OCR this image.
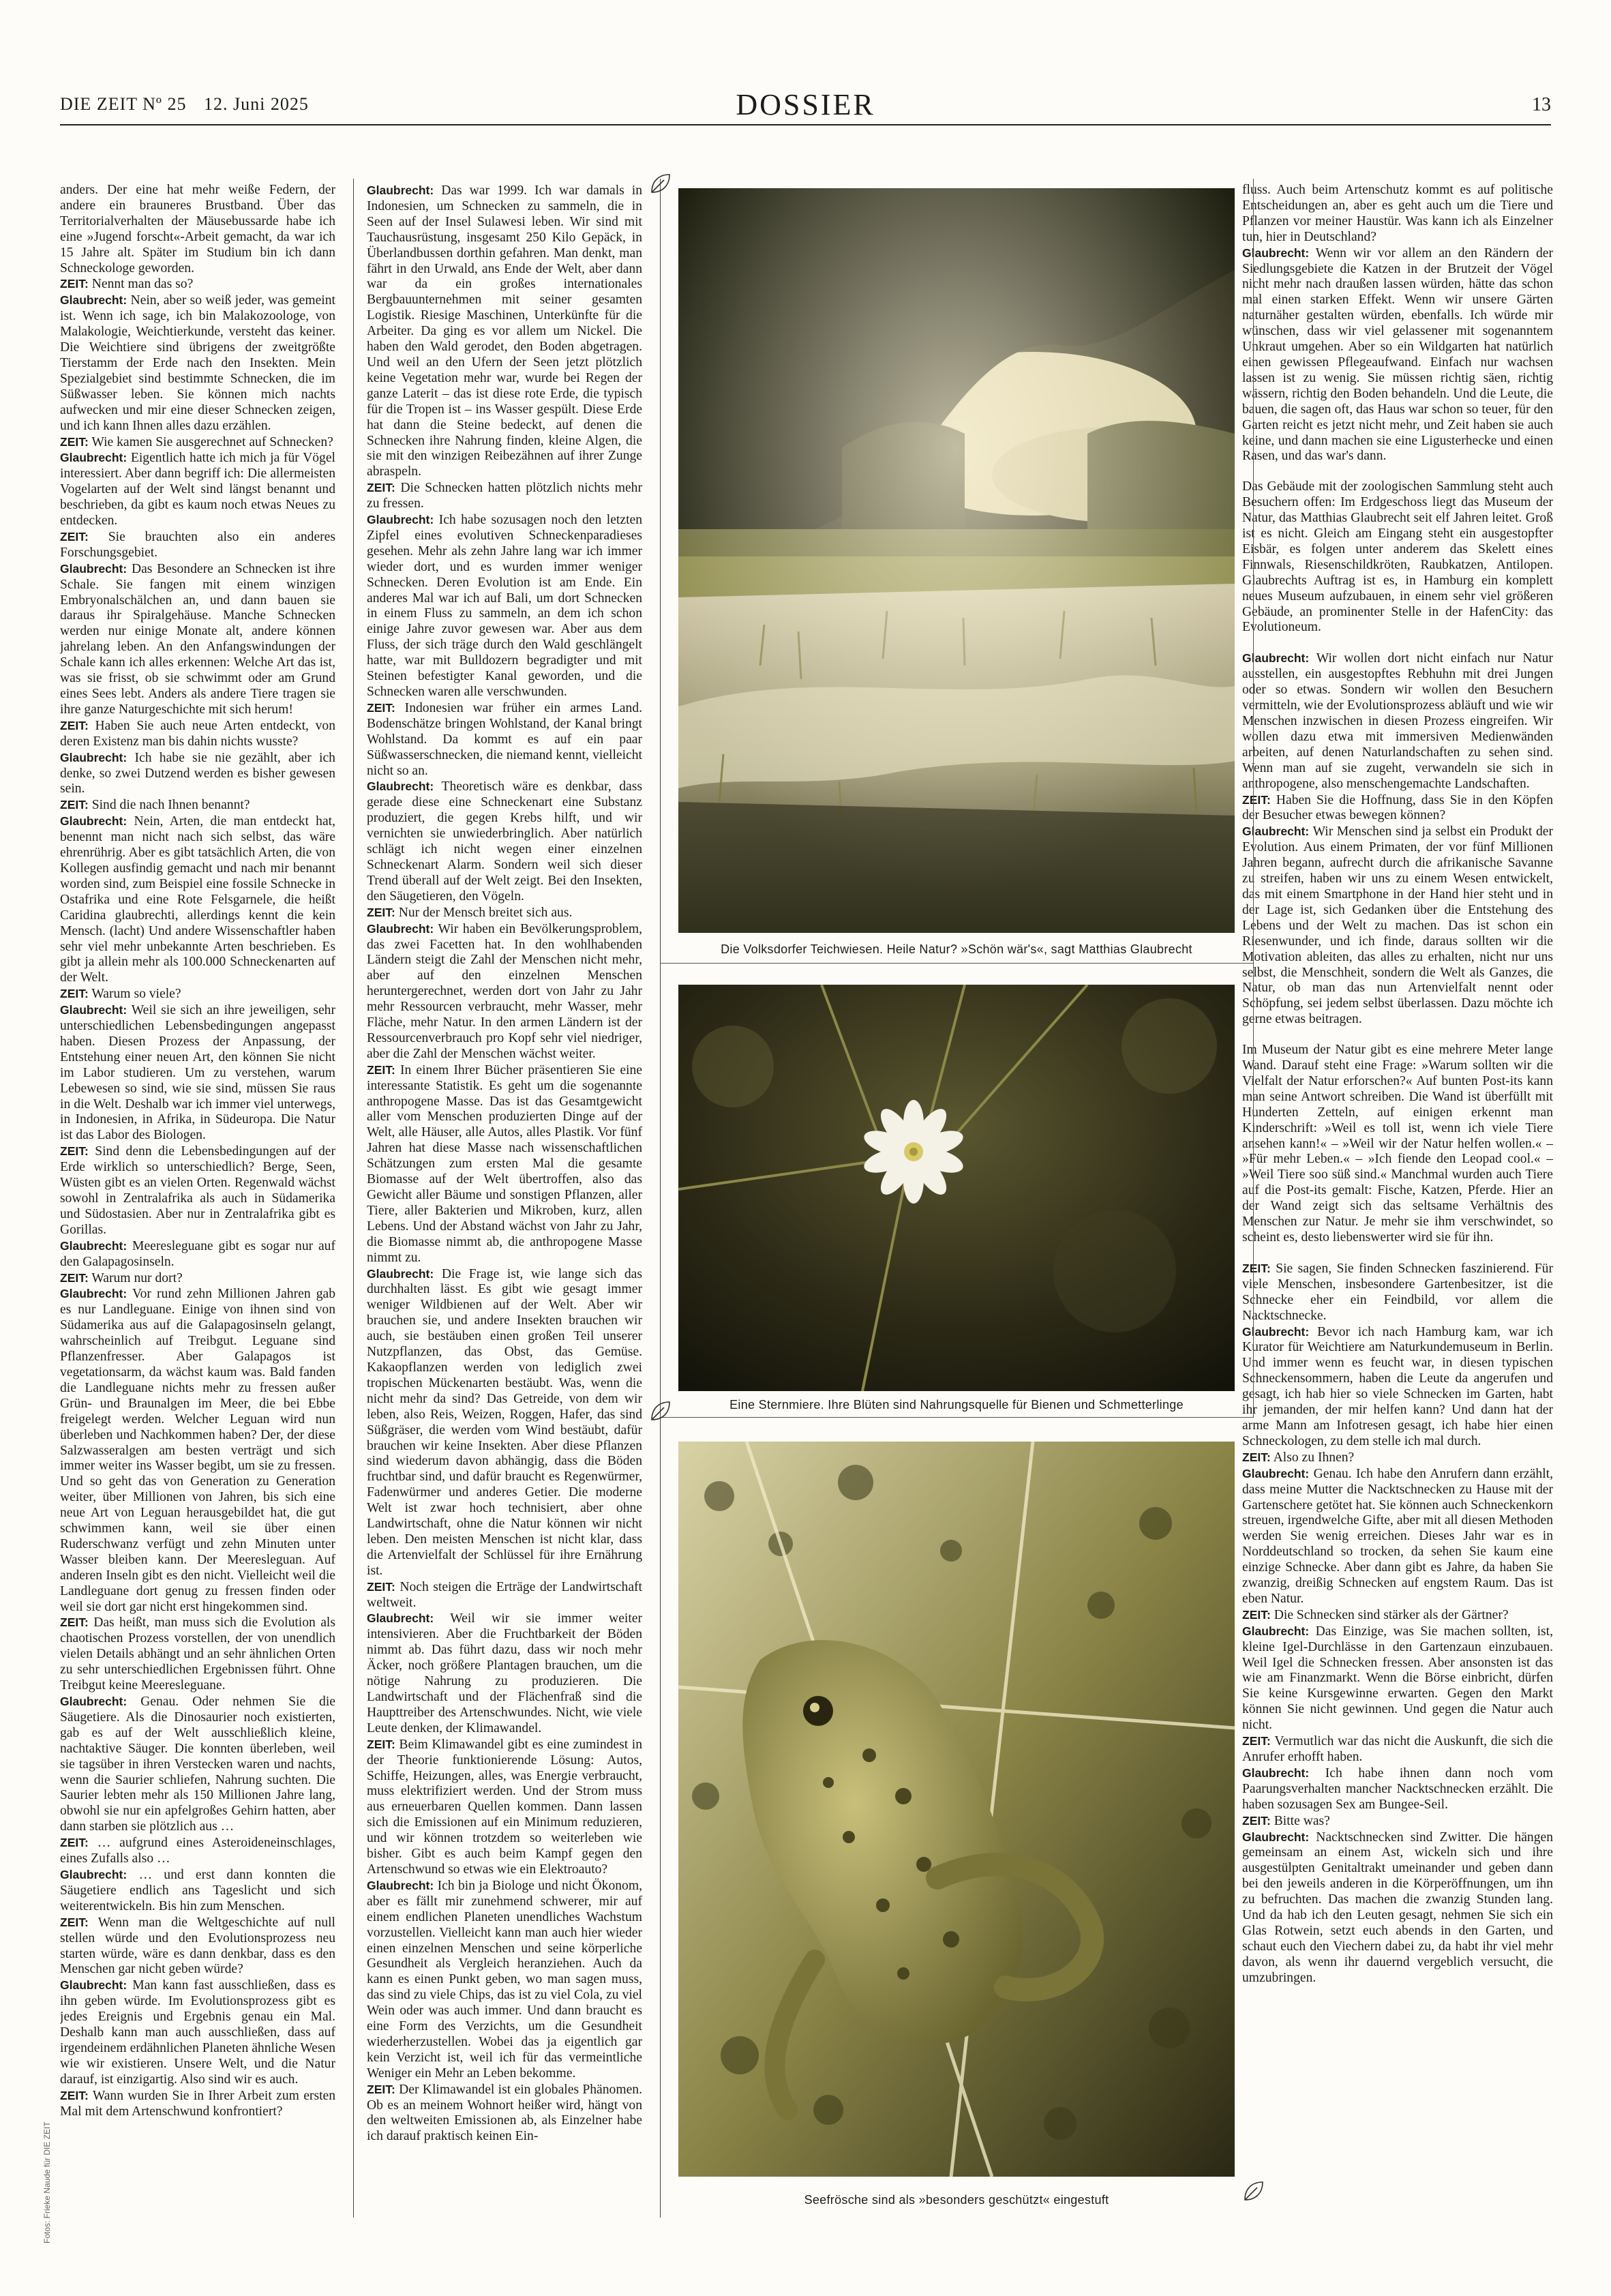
DIE ZEIT Nº 25 12. Juni 2025	DOSSIER	13

anders. Der eine hat mehr weiße Federn, der andere ein brauneres Brustband. Über das Territorialverhalten der Mäusebussarde habe ich eine »Jugend forscht«-Arbeit gemacht, da war ich 15 Jahre alt. Später im Studium bin ich dann Schneckologe geworden.

ZEIT: Nennt man das so?

Glaubrecht: Nein, aber so weiß jeder, was gemeint ist. Wenn ich sage, ich bin Malakozoologe, von Malakologie, Weichtierkunde, versteht das keiner. Die Weichtiere sind übrigens der zweitgrößte Tierstamm der Erde nach den Insekten. Mein Spezialgebiet sind bestimmte Schnecken, die im Süßwasser leben. Sie können mich nachts aufwecken und mir eine dieser Schnecken zeigen, und ich kann Ihnen alles dazu erzählen.

ZEIT: Wie kamen Sie ausgerechnet auf Schnecken?

Glaubrecht: Eigentlich hatte ich mich ja für Vögel interessiert. Aber dann begriff ich: Die allermeisten Vogelarten auf der Welt sind längst benannt und beschrieben, da gibt es kaum noch etwas Neues zu entdecken.

ZEIT: Sie brauchten also ein anderes Forschungsgebiet.

Glaubrecht: Das Besondere an Schnecken ist ihre Schale. Sie fangen mit einem winzigen Embryonalschälchen an, und dann bauen sie daraus ihr Spiralgehäuse. Manche Schnecken werden nur einige Monate alt, andere können jahrelang leben. An den Anfangswindungen der Schale kann ich alles erkennen: Welche Art das ist, was sie frisst, ob sie schwimmt oder am Grund eines Sees lebt. Anders als andere Tiere tragen sie ihre ganze Naturgeschichte mit sich herum!

ZEIT: Haben Sie auch neue Arten entdeckt, von deren Existenz man bis dahin nichts wusste?

Glaubrecht: Ich habe sie nie gezählt, aber ich denke, so zwei Dutzend werden es bisher gewesen sein.

ZEIT: Sind die nach Ihnen benannt?

Glaubrecht: Nein, Arten, die man entdeckt hat, benennt man nicht nach sich selbst, das wäre ehrenrührig. Aber es gibt tatsächlich Arten, die von Kollegen ausfindig gemacht und nach mir benannt worden sind, zum Beispiel eine fossile Schnecke in Ostafrika und eine Rote Felsgarnele, die heißt Caridina glaubrechti, allerdings kennt die kein Mensch. (lacht) Und andere Wissenschaftler haben sehr viel mehr unbekannte Arten beschrieben. Es gibt ja allein mehr als 100.000 Schneckenarten auf der Welt.

ZEIT: Warum so viele?

Glaubrecht: Weil sie sich an ihre jeweiligen, sehr unterschiedlichen Lebensbedingungen angepasst haben. Diesen Prozess der Anpassung, der Entstehung einer neuen Art, den können Sie nicht im Labor studieren. Um zu verstehen, warum Lebewesen so sind, wie sie sind, müssen Sie raus in die Welt. Deshalb war ich immer viel unterwegs, in Indonesien, in Afrika, in Südeuropa. Die Natur ist das Labor des Biologen.

ZEIT: Sind denn die Lebensbedingungen auf der Erde wirklich so unterschiedlich? Berge, Seen, Wüsten gibt es an vielen Orten. Regenwald wächst sowohl in Zentralafrika als auch in Südamerika und Südostasien. Aber nur in Zentralafrika gibt es Gorillas.

Glaubrecht: Meeresleguane gibt es sogar nur auf den Galapagosinseln.

ZEIT: Warum nur dort?

Glaubrecht: Vor rund zehn Millionen Jahren gab es nur Landleguane. Einige von ihnen sind von Südamerika aus auf die Galapagosinseln gelangt, wahrscheinlich auf Treibgut. Leguane sind Pflanzenfresser. Aber Galapagos ist vegetationsarm, da wächst kaum was. Bald fanden die Landleguane nichts mehr zu fressen außer Grün- und Braunalgen im Meer, die bei Ebbe freigelegt werden. Welcher Leguan wird nun überleben und Nachkommen haben? Der, der diese Salzwasseralgen am besten verträgt und sich immer weiter ins Wasser begibt, um sie zu fressen. Und so geht das von Generation zu Generation weiter, über Millionen von Jahren, bis sich eine neue Art von Leguan herausgebildet hat, die gut schwimmen kann, weil sie über einen Ruderschwanz verfügt und zehn Minuten unter Wasser bleiben kann. Der Meeresleguan. Auf anderen Inseln gibt es den nicht. Vielleicht weil die Landleguane dort genug zu fressen finden oder weil sie dort gar nicht erst hingekommen sind.

ZEIT: Das heißt, man muss sich die Evolution als chaotischen Prozess vorstellen, der von unendlich vielen Details abhängt und an sehr ähnlichen Orten zu sehr unterschiedlichen Ergebnissen führt. Ohne Treibgut keine Meeresleguane.

Glaubrecht: Genau. Oder nehmen Sie die Säugetiere. Als die Dinosaurier noch existierten, gab es auf der Welt ausschließlich kleine, nachtaktive Säuger. Die konnten überleben, weil sie tagsüber in ihren Verstecken waren und nachts, wenn die Saurier schliefen, Nahrung suchten. Die Saurier lebten mehr als 150 Millionen Jahre lang, obwohl sie nur ein apfelgroßes Gehirn hatten, aber dann starben sie plötzlich aus …

ZEIT: … aufgrund eines Asteroideneinschlages, eines Zufalls also …

Glaubrecht: … und erst dann konnten die Säugetiere endlich ans Tageslicht und sich weiterentwickeln. Bis hin zum Menschen.

ZEIT: Wenn man die Weltgeschichte auf null stellen würde und den Evolutionsprozess neu starten würde, wäre es dann denkbar, dass es den Menschen gar nicht geben würde?

Glaubrecht: Man kann fast ausschließen, dass es ihn geben würde. Im Evolutionsprozess gibt es jedes Ereignis und Ergebnis genau ein Mal. Deshalb kann man auch ausschließen, dass auf irgendeinem erdähnlichen Planeten ähnliche Wesen wie wir existieren. Unsere Welt, und die Natur darauf, ist einzigartig. Also sind wir es auch.

ZEIT: Wann wurden Sie in Ihrer Arbeit zum ersten Mal mit dem Artenschwund konfrontiert?

Glaubrecht: Das war 1999. Ich war damals in Indonesien, um Schnecken zu sammeln, die in Seen auf der Insel Sulawesi leben. Wir sind mit Tauchausrüstung, insgesamt 250 Kilo Gepäck, in Überlandbussen dorthin gefahren. Man denkt, man fährt in den Urwald, ans Ende der Welt, aber dann war da ein großes internationales Bergbauunternehmen mit seiner gesamten Logistik. Riesige Maschinen, Unterkünfte für die Arbeiter. Da ging es vor allem um Nickel. Die haben den Wald gerodet, den Boden abgetragen. Und weil an den Ufern der Seen jetzt plötzlich keine Vegetation mehr war, wurde bei Regen der ganze Laterit – das ist diese rote Erde, die typisch für die Tropen ist – ins Wasser gespült. Diese Erde hat dann die Steine bedeckt, auf denen die Schnecken ihre Nahrung finden, kleine Algen, die sie mit den winzigen Reibezähnen auf ihrer Zunge abraspeln.

ZEIT: Die Schnecken hatten plötzlich nichts mehr zu fressen.

Glaubrecht: Ich habe sozusagen noch den letzten Zipfel eines evolutiven Schneckenparadieses gesehen. Mehr als zehn Jahre lang war ich immer wieder dort, und es wurden immer weniger Schnecken. Deren Evolution ist am Ende. Ein anderes Mal war ich auf Bali, um dort Schnecken in einem Fluss zu sammeln, an dem ich schon einige Jahre zuvor gewesen war. Aber aus dem Fluss, der sich träge durch den Wald geschlängelt hatte, war mit Bulldozern begradigter und mit Steinen befestigter Kanal geworden, und die Schnecken waren alle verschwunden.

ZEIT: Indonesien war früher ein armes Land. Bodenschätze bringen Wohlstand, der Kanal bringt Wohlstand. Da kommt es auf ein paar Süßwasserschnecken, die niemand kennt, vielleicht nicht so an.

Glaubrecht: Theoretisch wäre es denkbar, dass gerade diese eine Schneckenart eine Substanz produziert, die gegen Krebs hilft, und wir vernichten sie unwiederbringlich. Aber natürlich schlägt ich nicht wegen einer einzelnen Schneckenart Alarm. Sondern weil sich dieser Trend überall auf der Welt zeigt. Bei den Insekten, den Säugetieren, den Vögeln.

ZEIT: Nur der Mensch breitet sich aus.

Glaubrecht: Wir haben ein Bevölkerungsproblem, das zwei Facetten hat. In den wohlhabenden Ländern steigt die Zahl der Menschen nicht mehr, aber auf den einzelnen Menschen heruntergerechnet, werden dort von Jahr zu Jahr mehr Ressourcen verbraucht, mehr Wasser, mehr Fläche, mehr Natur. In den armen Ländern ist der Ressourcenverbrauch pro Kopf sehr viel niedriger, aber die Zahl der Menschen wächst weiter.

ZEIT: In einem Ihrer Bücher präsentieren Sie eine interessante Statistik. Es geht um die sogenannte anthropogene Masse. Das ist das Gesamtgewicht aller vom Menschen produzierten Dinge auf der Welt, alle Häuser, alle Autos, alles Plastik. Vor fünf Jahren hat diese Masse nach wissenschaftlichen Schätzungen zum ersten Mal die gesamte Biomasse auf der Welt übertroffen, also das Gewicht aller Bäume und sonstigen Pflanzen, aller Tiere, aller Bakterien und Mikroben, kurz, allen Lebens. Und der Abstand wächst von Jahr zu Jahr, die Biomasse nimmt ab, die anthropogene Masse nimmt zu.

Glaubrecht: Die Frage ist, wie lange sich das durchhalten lässt. Es gibt wie gesagt immer weniger Wildbienen auf der Welt. Aber wir brauchen sie, und andere Insekten brauchen wir auch, sie bestäuben einen großen Teil unserer Nutzpflanzen, das Obst, das Gemüse. Kakaopflanzen werden von lediglich zwei tropischen Mückenarten bestäubt. Was, wenn die nicht mehr da sind? Das Getreide, von dem wir leben, also Reis, Weizen, Roggen, Hafer, das sind Süßgräser, die werden vom Wind bestäubt, dafür brauchen wir keine Insekten. Aber diese Pflanzen sind wiederum davon abhängig, dass die Böden fruchtbar sind, und dafür braucht es Regenwürmer, Fadenwürmer und anderes Getier. Die moderne Welt ist zwar hoch technisiert, aber ohne Landwirtschaft, ohne die Natur können wir nicht leben. Den meisten Menschen ist nicht klar, dass die Artenvielfalt der Schlüssel für ihre Ernährung ist.

ZEIT: Noch steigen die Erträge der Landwirtschaft weltweit.

Glaubrecht: Weil wir sie immer weiter intensivieren. Aber die Fruchtbarkeit der Böden nimmt ab. Das führt dazu, dass wir noch mehr Äcker, noch größere Plantagen brauchen, um die nötige Nahrung zu produzieren. Die Landwirtschaft und der Flächenfraß sind die Haupttreiber des Artenschwundes. Nicht, wie viele Leute denken, der Klimawandel.

ZEIT: Beim Klimawandel gibt es eine zumindest in der Theorie funktionierende Lösung: Autos, Schiffe, Heizungen, alles, was Energie verbraucht, muss elektrifiziert werden. Und der Strom muss aus erneuerbaren Quellen kommen. Dann lassen sich die Emissionen auf ein Minimum reduzieren, und wir können trotzdem so weiterleben wie bisher. Gibt es auch beim Kampf gegen den Artenschwund so etwas wie ein Elektroauto?

Glaubrecht: Ich bin ja Biologe und nicht Ökonom, aber es fällt mir zunehmend schwerer, mir auf einem endlichen Planeten unendliches Wachstum vorzustellen. Vielleicht kann man auch hier wieder einen einzelnen Menschen und seine körperliche Gesundheit als Vergleich heranziehen. Auch da kann es einen Punkt geben, wo man sagen muss, das sind zu viele Chips, das ist zu viel Cola, zu viel Wein oder was auch immer. Und dann braucht es eine Form des Verzichts, um die Gesundheit wiederherzustellen. Wobei das ja eigentlich gar kein Verzicht ist, weil ich für das vermeintliche Weniger ein Mehr an Leben bekomme.

ZEIT: Der Klimawandel ist ein globales Phänomen. Ob es an meinem Wohnort heißer wird, hängt von den weltweiten Emissionen ab, als Einzelner habe ich darauf praktisch keinen Ein-

fluss. Auch beim Artenschutz kommt es auf politische Entscheidungen an, aber es geht auch um die Tiere und Pflanzen vor meiner Haustür. Was kann ich als Einzelner tun, hier in Deutschland?

Glaubrecht: Wenn wir vor allem an den Rändern der Siedlungsgebiete die Katzen in der Brutzeit der Vögel nicht mehr nach draußen lassen würden, hätte das schon mal einen starken Effekt. Wenn wir unsere Gärten naturnäher gestalten würden, ebenfalls. Ich würde mir wünschen, dass wir viel gelassener mit sogenanntem Unkraut umgehen. Aber so ein Wildgarten hat natürlich einen gewissen Pflegeaufwand. Einfach nur wachsen lassen ist zu wenig. Sie müssen richtig säen, richtig wässern, richtig den Boden behandeln. Und die Leute, die bauen, die sagen oft, das Haus war schon so teuer, für den Garten reicht es jetzt nicht mehr, und Zeit haben sie auch keine, und dann machen sie eine Ligusterhecke und einen Rasen, und das war's dann.

Das Gebäude mit der zoologischen Sammlung steht auch Besuchern offen: Im Erdgeschoss liegt das Museum der Natur, das Matthias Glaubrecht seit elf Jahren leitet. Groß ist es nicht. Gleich am Eingang steht ein ausgestopfter Eisbär, es folgen unter anderem das Skelett eines Finnwals, Riesenschildkröten, Raubkatzen, Antilopen. Glaubrechts Auftrag ist es, in Hamburg ein komplett neues Museum aufzubauen, in einem sehr viel größeren Gebäude, an prominenter Stelle in der HafenCity: das Evolutioneum.

Glaubrecht: Wir wollen dort nicht einfach nur Natur ausstellen, ein ausgestopftes Rebhuhn mit drei Jungen oder so etwas. Sondern wir wollen den Besuchern vermitteln, wie der Evolutionsprozess abläuft und wie wir Menschen inzwischen in diesen Prozess eingreifen. Wir wollen dazu etwa mit immersiven Medienwänden arbeiten, auf denen Naturlandschaften zu sehen sind. Wenn man auf sie zugeht, verwandeln sie sich in anthropogene, also menschengemachte Landschaften.

ZEIT: Haben Sie die Hoffnung, dass Sie in den Köpfen der Besucher etwas bewegen können?

Glaubrecht: Wir Menschen sind ja selbst ein Produkt der Evolution. Aus einem Primaten, der vor fünf Millionen Jahren begann, aufrecht durch die afrikanische Savanne zu streifen, haben wir uns zu einem Wesen entwickelt, das mit einem Smartphone in der Hand hier steht und in der Lage ist, sich Gedanken über die Entstehung des Lebens und der Welt zu machen. Das ist schon ein Riesenwunder, und ich finde, daraus sollten wir die Motivation ableiten, das alles zu erhalten, nicht nur uns selbst, die Menschheit, sondern die Welt als Ganzes, die Natur, ob man das nun Artenvielfalt nennt oder Schöpfung, sei jedem selbst überlassen. Dazu möchte ich gerne etwas beitragen.

Im Museum der Natur gibt es eine mehrere Meter lange Wand. Darauf steht eine Frage: »Warum sollten wir die Vielfalt der Natur erforschen?« Auf bunten Post-its kann man seine Antwort schreiben. Die Wand ist überfüllt mit Hunderten Zetteln, auf einigen erkennt man Kinderschrift: »Weil es toll ist, wenn ich viele Tiere ansehen kann!« – »Weil wir der Natur helfen wollen.« – »Für mehr Leben.« – »Ich fiende den Leopad cool.« – »Weil Tiere soo süß sind.« Manchmal wurden auch Tiere auf die Post-its gemalt: Fische, Katzen, Pferde. Hier an der Wand zeigt sich das seltsame Verhältnis des Menschen zur Natur. Je mehr sie ihm verschwindet, so scheint es, desto liebenswerter wird sie für ihn.

ZEIT: Sie sagen, Sie finden Schnecken faszinierend. Für viele Menschen, insbesondere Gartenbesitzer, ist die Schnecke eher ein Feindbild, vor allem die Nacktschnecke.

Glaubrecht: Bevor ich nach Hamburg kam, war ich Kurator für Weichtiere am Naturkundemuseum in Berlin. Und immer wenn es feucht war, in diesen typischen Schneckensommern, haben die Leute da angerufen und gesagt, ich hab hier so viele Schnecken im Garten, habt ihr jemanden, der mir helfen kann? Und dann hat der arme Mann am Infotresen gesagt, ich habe hier einen Schneckologen, zu dem stelle ich mal durch.

ZEIT: Also zu Ihnen?

Glaubrecht: Genau. Ich habe den Anrufern dann erzählt, dass meine Mutter die Nacktschnecken zu Hause mit der Gartenschere getötet hat. Sie können auch Schneckenkorn streuen, irgendwelche Gifte, aber mit all diesen Methoden werden Sie wenig erreichen. Dieses Jahr war es in Norddeutschland so trocken, da sehen Sie kaum eine einzige Schnecke. Aber dann gibt es Jahre, da haben Sie zwanzig, dreißig Schnecken auf engstem Raum. Das ist eben Natur.

ZEIT: Die Schnecken sind stärker als der Gärtner?

Glaubrecht: Das Einzige, was Sie machen sollten, ist, kleine Igel-Durchlässe in den Gartenzaun einzubauen. Weil Igel die Schnecken fressen. Aber ansonsten ist das wie am Finanzmarkt. Wenn die Börse einbricht, dürfen Sie keine Kursgewinne erwarten. Gegen den Markt können Sie nicht gewinnen. Und gegen die Natur auch nicht.

ZEIT: Vermutlich war das nicht die Auskunft, die sich die Anrufer erhofft haben.

Glaubrecht: Ich habe ihnen dann noch vom Paarungsverhalten mancher Nacktschnecken erzählt. Die haben sozusagen Sex am Bungee-Seil.

ZEIT: Bitte was?

Glaubrecht: Nacktschnecken sind Zwitter. Die hängen gemeinsam an einem Ast, wickeln sich und ihre ausgestülpten Genitaltrakt umeinander und geben dann bei den jeweils anderen in die Körperöffnungen, um ihn zu befruchten. Das machen die zwanzig Stunden lang. Und da hab ich den Leuten gesagt, nehmen Sie sich ein Glas Rotwein, setzt euch abends in den Garten, und schaut euch den Viechern dabei zu, da habt ihr viel mehr davon, als wenn ihr dauernd vergeblich versucht, die umzubringen.

Die Volksdorfer Teichwiesen. Heile Natur? »Schön wär's«, sagt Matthias Glaubrecht
Eine Sternmiere. Ihre Blüten sind Nahrungsquelle für Bienen und Schmetterlinge
Seefrösche sind als »besonders geschützt« eingestuft
Fotos: Frieke Naude für DIE ZEIT
